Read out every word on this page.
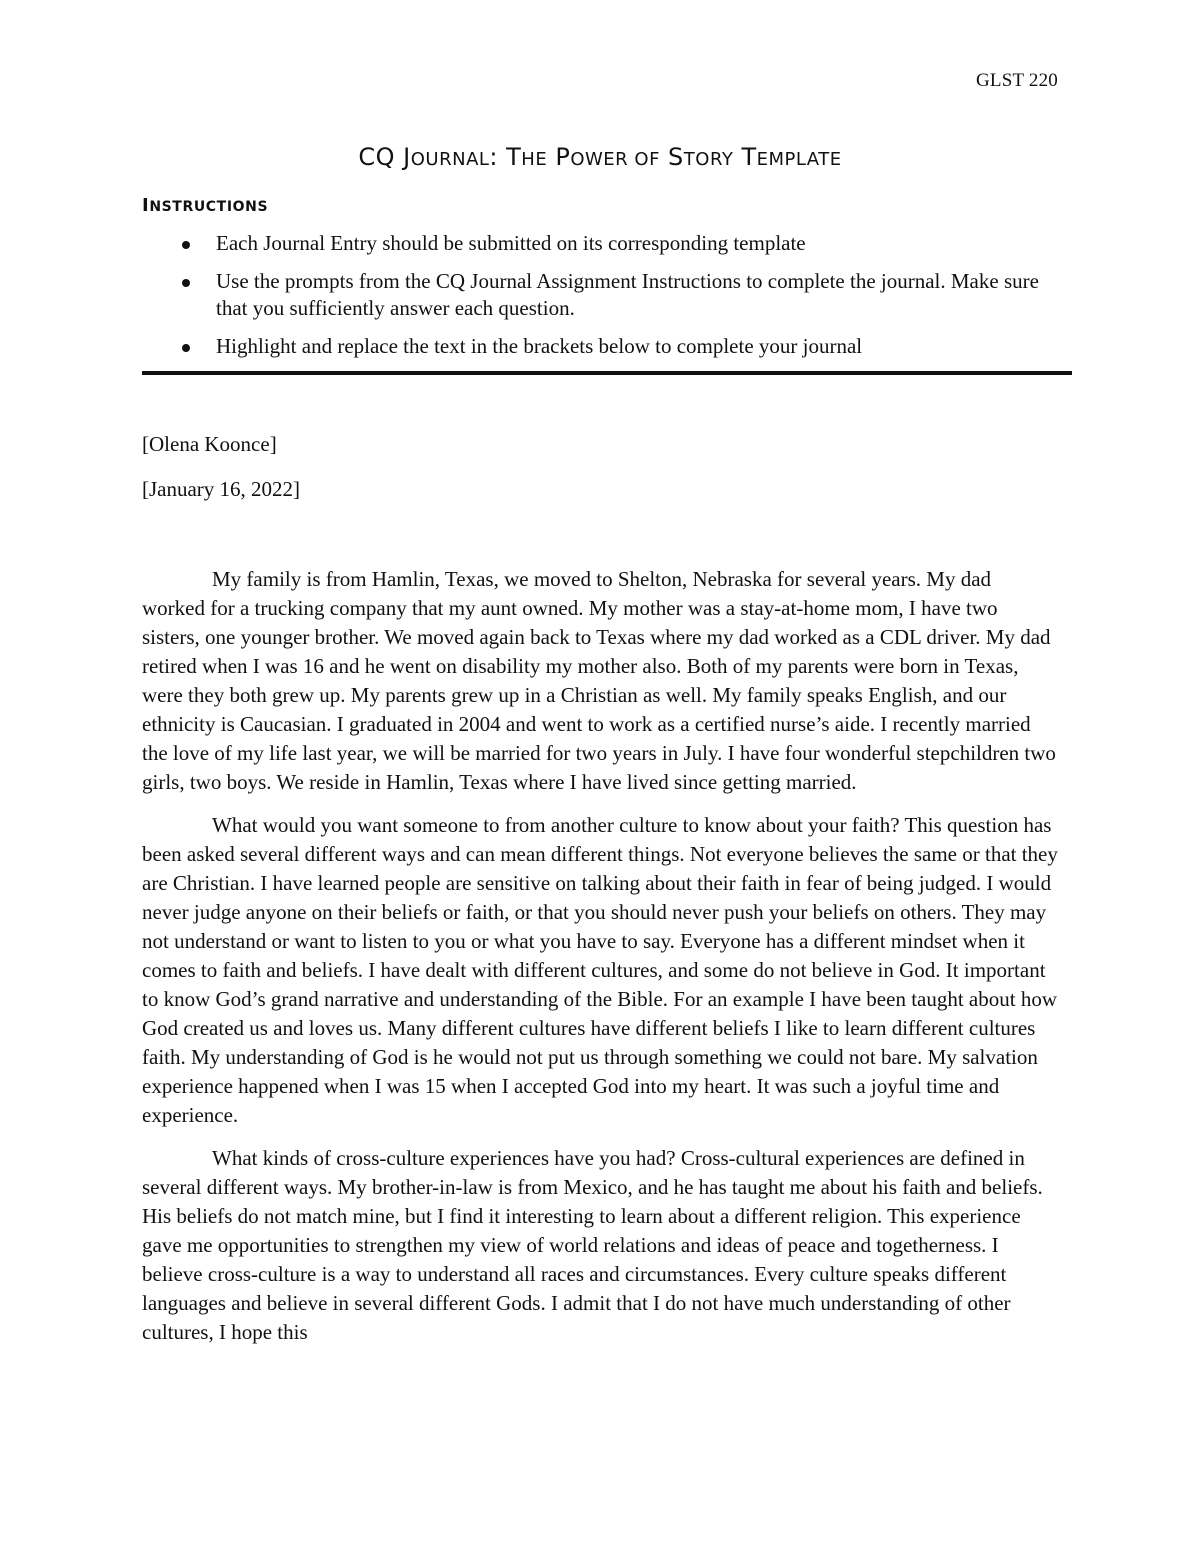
GLST 220
CQ JOURNAL: THE POWER OF STORY TEMPLATE
INSTRUCTIONS
Each Journal Entry should be submitted on its corresponding template
Use the prompts from the CQ Journal Assignment Instructions to complete the journal. Make sure that you sufficiently answer each question.
Highlight and replace the text in the brackets below to complete your journal
[Olena Koonce]
[January 16, 2022]

My family is from Hamlin, Texas, we moved to Shelton, Nebraska for several years. My dad worked for a trucking company that my aunt owned. My mother was a stay-at-home mom, I have two sisters, one younger brother. We moved again back to Texas where my dad worked as a CDL driver. My dad retired when I was 16 and he went on disability my mother also. Both of my parents were born in Texas, were they both grew up. My parents grew up in a Christian as well. My family speaks English, and our ethnicity is Caucasian. I graduated in 2004 and went to work as a certified nurse’s aide. I recently married the love of my life last year, we will be married for two years in July. I have four wonderful stepchildren two girls, two boys. We reside in Hamlin, Texas where I have lived since getting married.

What would you want someone to from another culture to know about your faith? This question has been asked several different ways and can mean different things. Not everyone believes the same or that they are Christian. I have learned people are sensitive on talking about their faith in fear of being judged. I would never judge anyone on their beliefs or faith, or that you should never push your beliefs on others. They may not understand or want to listen to you or what you have to say. Everyone has a different mindset when it comes to faith and beliefs. I have dealt with different cultures, and some do not believe in God. It important to know God’s grand narrative and understanding of the Bible. For an example I have been taught about how God created us and loves us. Many different cultures have different beliefs I like to learn different cultures faith. My understanding of God is he would not put us through something we could not bare. My salvation experience happened when I was 15 when I accepted God into my heart. It was such a joyful time and experience.

What kinds of cross-culture experiences have you had? Cross-cultural experiences are defined in several different ways. My brother-in-law is from Mexico, and he has taught me about his faith and beliefs. His beliefs do not match mine, but I find it interesting to learn about a different religion. This experience gave me opportunities to strengthen my view of world relations and ideas of peace and togetherness. I believe cross-culture is a way to understand all races and circumstances. Every culture speaks different languages and believe in several different Gods. I admit that I do not have much understanding of other cultures, I hope this
